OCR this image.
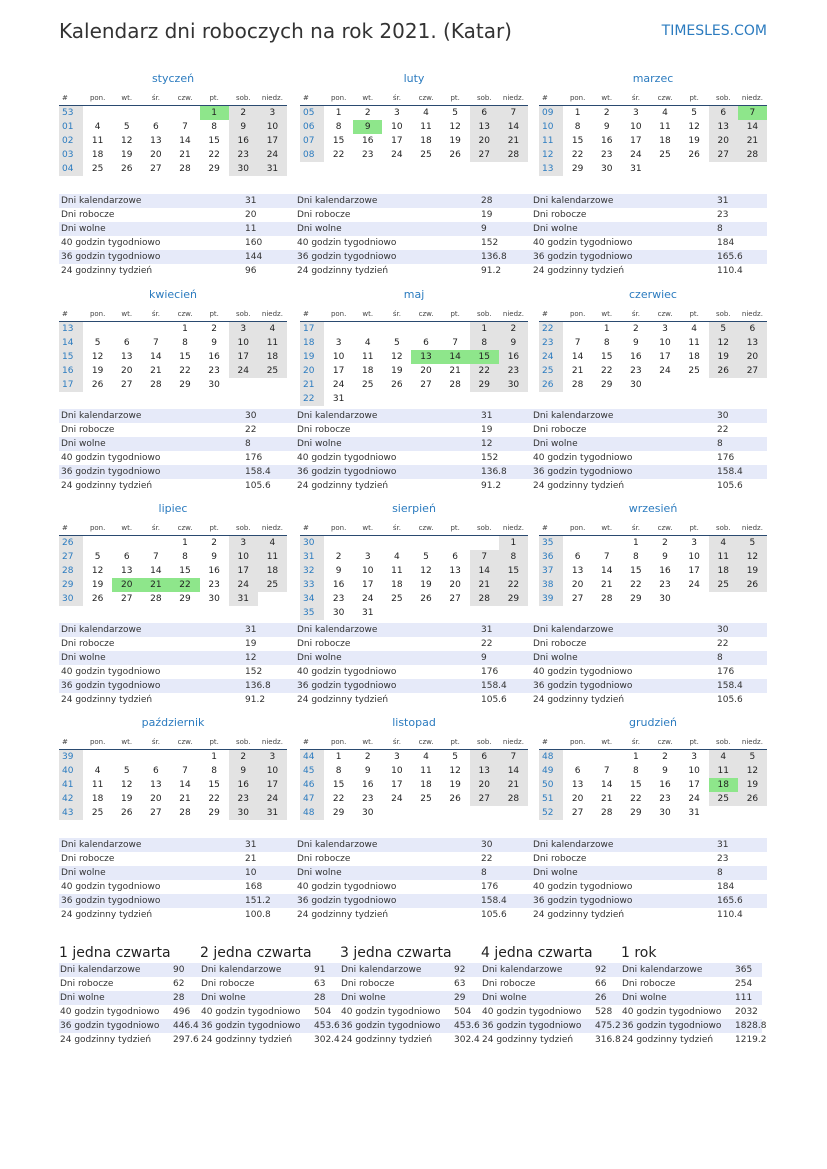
Kalendarz dni roboczych na rok 2021. (Katar)	TIMESLES.COM
styczeń
#	pon.	wt.	śr.	czw.	pt.	sob.	niedz.
53					1	2	3
01	4	5	6	7	8	9	10
02	11	12	13	14	15	16	17
03	18	19	20	21	22	23	24
04	25	26	27	28	29	30	31
Dni kalendarzowe	31
Dni robocze	20
Dni wolne	11
40 godzin tygodniowo	160
36 godzin tygodniowo	144
24 godzinny tydzień	96
luty
#	pon.	wt.	śr.	czw.	pt.	sob.	niedz.
05	1	2	3	4	5	6	7
06	8	9	10	11	12	13	14
07	15	16	17	18	19	20	21
08	22	23	24	25	26	27	28
Dni kalendarzowe	28
Dni robocze	19
Dni wolne	9
40 godzin tygodniowo	152
36 godzin tygodniowo	136.8
24 godzinny tydzień	91.2
marzec
#	pon.	wt.	śr.	czw.	pt.	sob.	niedz.
09	1	2	3	4	5	6	7
10	8	9	10	11	12	13	14
11	15	16	17	18	19	20	21
12	22	23	24	25	26	27	28
13	29	30	31				
Dni kalendarzowe	31
Dni robocze	23
Dni wolne	8
40 godzin tygodniowo	184
36 godzin tygodniowo	165.6
24 godzinny tydzień	110.4
kwiecień
#	pon.	wt.	śr.	czw.	pt.	sob.	niedz.
13				1	2	3	4
14	5	6	7	8	9	10	11
15	12	13	14	15	16	17	18
16	19	20	21	22	23	24	25
17	26	27	28	29	30		
Dni kalendarzowe	30
Dni robocze	22
Dni wolne	8
40 godzin tygodniowo	176
36 godzin tygodniowo	158.4
24 godzinny tydzień	105.6
maj
#	pon.	wt.	śr.	czw.	pt.	sob.	niedz.
17						1	2
18	3	4	5	6	7	8	9
19	10	11	12	13	14	15	16
20	17	18	19	20	21	22	23
21	24	25	26	27	28	29	30
22	31						
Dni kalendarzowe	31
Dni robocze	19
Dni wolne	12
40 godzin tygodniowo	152
36 godzin tygodniowo	136.8
24 godzinny tydzień	91.2
czerwiec
#	pon.	wt.	śr.	czw.	pt.	sob.	niedz.
22		1	2	3	4	5	6
23	7	8	9	10	11	12	13
24	14	15	16	17	18	19	20
25	21	22	23	24	25	26	27
26	28	29	30				
Dni kalendarzowe	30
Dni robocze	22
Dni wolne	8
40 godzin tygodniowo	176
36 godzin tygodniowo	158.4
24 godzinny tydzień	105.6
lipiec
#	pon.	wt.	śr.	czw.	pt.	sob.	niedz.
26				1	2	3	4
27	5	6	7	8	9	10	11
28	12	13	14	15	16	17	18
29	19	20	21	22	23	24	25
30	26	27	28	29	30	31	
Dni kalendarzowe	31
Dni robocze	19
Dni wolne	12
40 godzin tygodniowo	152
36 godzin tygodniowo	136.8
24 godzinny tydzień	91.2
sierpień
#	pon.	wt.	śr.	czw.	pt.	sob.	niedz.
30							1
31	2	3	4	5	6	7	8
32	9	10	11	12	13	14	15
33	16	17	18	19	20	21	22
34	23	24	25	26	27	28	29
35	30	31					
Dni kalendarzowe	31
Dni robocze	22
Dni wolne	9
40 godzin tygodniowo	176
36 godzin tygodniowo	158.4
24 godzinny tydzień	105.6
wrzesień
#	pon.	wt.	śr.	czw.	pt.	sob.	niedz.
35			1	2	3	4	5
36	6	7	8	9	10	11	12
37	13	14	15	16	17	18	19
38	20	21	22	23	24	25	26
39	27	28	29	30			
Dni kalendarzowe	30
Dni robocze	22
Dni wolne	8
40 godzin tygodniowo	176
36 godzin tygodniowo	158.4
24 godzinny tydzień	105.6
październik
#	pon.	wt.	śr.	czw.	pt.	sob.	niedz.
39					1	2	3
40	4	5	6	7	8	9	10
41	11	12	13	14	15	16	17
42	18	19	20	21	22	23	24
43	25	26	27	28	29	30	31
Dni kalendarzowe	31
Dni robocze	21
Dni wolne	10
40 godzin tygodniowo	168
36 godzin tygodniowo	151.2
24 godzinny tydzień	100.8
listopad
#	pon.	wt.	śr.	czw.	pt.	sob.	niedz.
44	1	2	3	4	5	6	7
45	8	9	10	11	12	13	14
46	15	16	17	18	19	20	21
47	22	23	24	25	26	27	28
48	29	30					
Dni kalendarzowe	30
Dni robocze	22
Dni wolne	8
40 godzin tygodniowo	176
36 godzin tygodniowo	158.4
24 godzinny tydzień	105.6
grudzień
#	pon.	wt.	śr.	czw.	pt.	sob.	niedz.
48			1	2	3	4	5
49	6	7	8	9	10	11	12
50	13	14	15	16	17	18	19
51	20	21	22	23	24	25	26
52	27	28	29	30	31		
Dni kalendarzowe	31
Dni robocze	23
Dni wolne	8
40 godzin tygodniowo	184
36 godzin tygodniowo	165.6
24 godzinny tydzień	110.4
1 jedna czwarta
Dni kalendarzowe	90
Dni robocze	62
Dni wolne	28
40 godzin tygodniowo	496
36 godzin tygodniowo	446.4
24 godzinny tydzień	297.6
2 jedna czwarta
Dni kalendarzowe	91
Dni robocze	63
Dni wolne	28
40 godzin tygodniowo	504
36 godzin tygodniowo	453.6
24 godzinny tydzień	302.4
3 jedna czwarta
Dni kalendarzowe	92
Dni robocze	63
Dni wolne	29
40 godzin tygodniowo	504
36 godzin tygodniowo	453.6
24 godzinny tydzień	302.4
4 jedna czwarta
Dni kalendarzowe	92
Dni robocze	66
Dni wolne	26
40 godzin tygodniowo	528
36 godzin tygodniowo	475.2
24 godzinny tydzień	316.8
1 rok
Dni kalendarzowe	365
Dni robocze	254
Dni wolne	111
40 godzin tygodniowo	2032
36 godzin tygodniowo	1828.8
24 godzinny tydzień	1219.2
